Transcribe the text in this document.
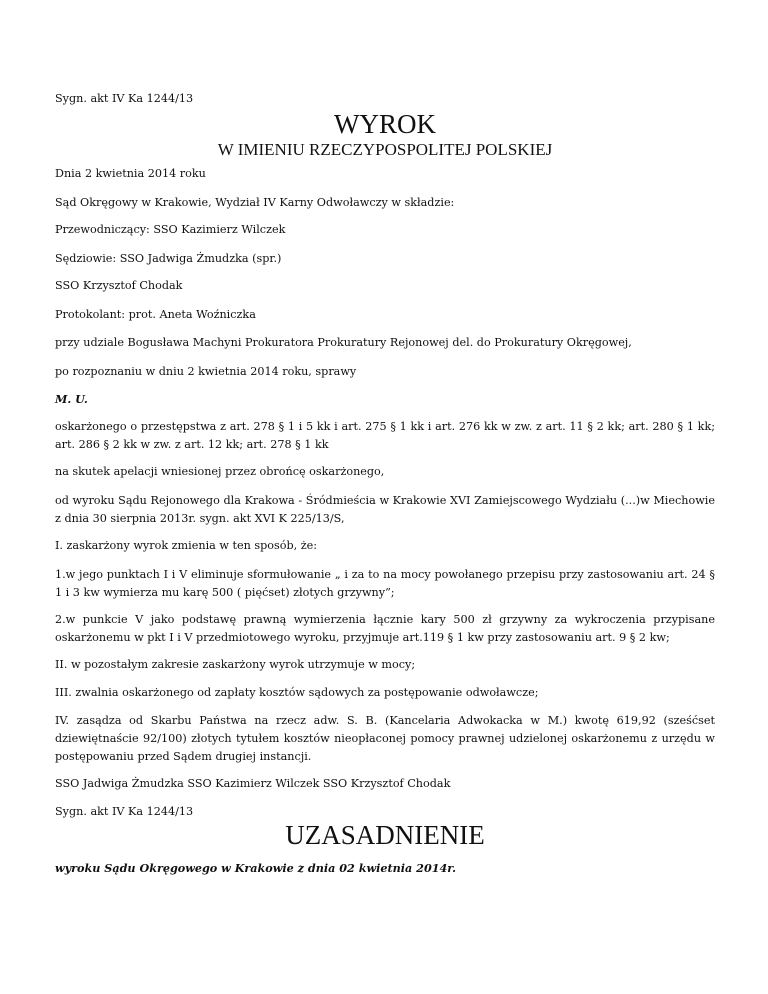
Sygn. akt IV Ka 1244/13

WYROK
W IMIENIU RZECZYPOSPOLITEJ POLSKIEJ

Dnia 2 kwietnia 2014 roku

Sąd Okręgowy w Krakowie, Wydział IV Karny Odwoławczy w składzie:

Przewodniczący: SSO Kazimierz Wilczek

Sędziowie: SSO Jadwiga Żmudzka (spr.)

SSO Krzysztof Chodak

Protokolant: prot. Aneta Woźniczka

przy udziale Bogusława Machyni Prokuratora Prokuratury Rejonowej del. do Prokuratury Okręgowej,

po rozpoznaniu w dniu 2 kwietnia 2014 roku, sprawy

M. U.

oskarżonego o przestępstwa z art. 278 § 1 i 5 kk i art. 275 § 1 kk i art. 276 kk w zw. z art. 11 § 2 kk; art. 280 § 1 kk; art. 286 § 2 kk w zw. z art. 12 kk; art. 278 § 1 kk

na skutek apelacji wniesionej przez obrońcę oskarżonego,

od wyroku Sądu Rejonowego dla Krakowa - Śródmieścia w Krakowie XVI Zamiejscowego Wydziału (...)w Miechowie z dnia 30 sierpnia 2013r. sygn. akt XVI K 225/13/S,

I. zaskarżony wyrok zmienia w ten sposób, że:

1.w jego punktach I i V eliminuje sformułowanie „ i za to na mocy powołanego przepisu przy zastosowaniu art. 24 § 1 i 3 kw wymierza mu karę 500 ( pięćset) złotych grzywny”;

2.w punkcie V jako podstawę prawną wymierzenia łącznie kary 500 zł grzywny za wykroczenia przypisane oskarżonemu w pkt I i V przedmiotowego wyroku, przyjmuje art.119 § 1 kw przy zastosowaniu art. 9 § 2 kw;

II. w pozostałym zakresie zaskarżony wyrok utrzymuje w mocy;

III. zwalnia oskarżonego od zapłaty kosztów sądowych za postępowanie odwoławcze;

IV. zasądza od Skarbu Państwa na rzecz adw. S. B. (Kancelaria Adwokacka w M.) kwotę 619,92 (sześćset dziewiętnaście 92/100) złotych tytułem kosztów nieopłaconej pomocy prawnej udzielonej oskarżonemu z urzędu w postępowaniu przed Sądem drugiej instancji.

SSO Jadwiga Żmudzka SSO Kazimierz Wilczek SSO Krzysztof Chodak

Sygn. akt IV Ka 1244/13

UZASADNIENIE

wyroku Sądu Okręgowego w Krakowie z dnia 02 kwietnia 2014r.
